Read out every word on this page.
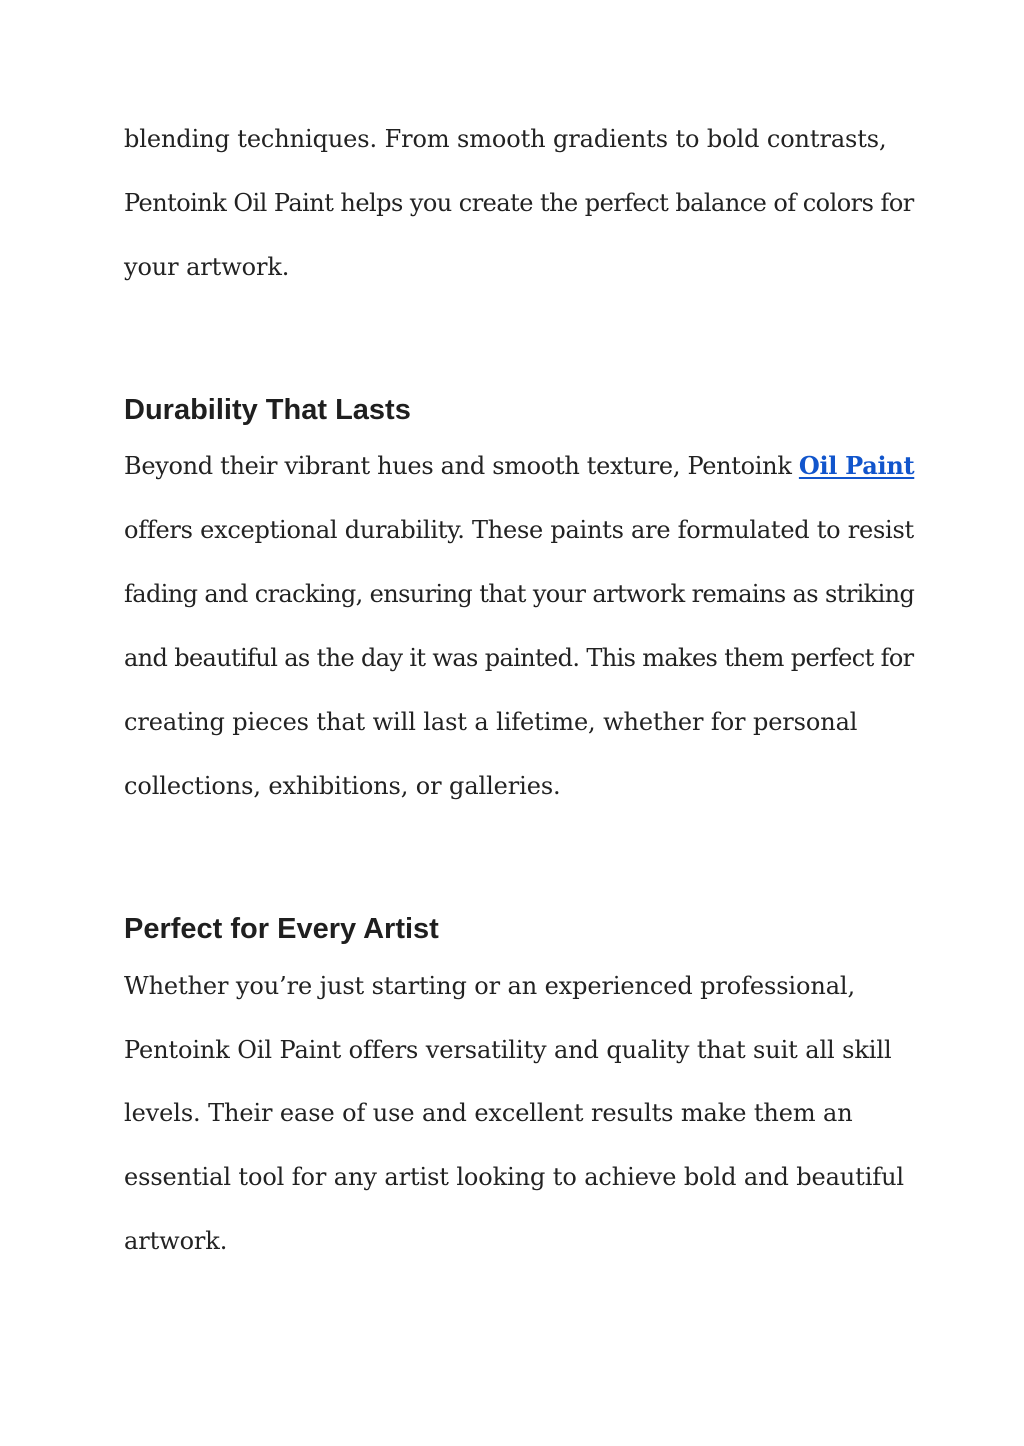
blending techniques. From smooth gradients to bold contrasts,
Pentoink Oil Paint helps you create the perfect balance of colors for
your artwork.
Durability That Lasts
Beyond their vibrant hues and smooth texture, Pentoink Oil Paint
offers exceptional durability. These paints are formulated to resist
fading and cracking, ensuring that your artwork remains as striking
and beautiful as the day it was painted. This makes them perfect for
creating pieces that will last a lifetime, whether for personal
collections, exhibitions, or galleries.
Perfect for Every Artist
Whether you’re just starting or an experienced professional,
Pentoink Oil Paint offers versatility and quality that suit all skill
levels. Their ease of use and excellent results make them an
essential tool for any artist looking to achieve bold and beautiful
artwork.
